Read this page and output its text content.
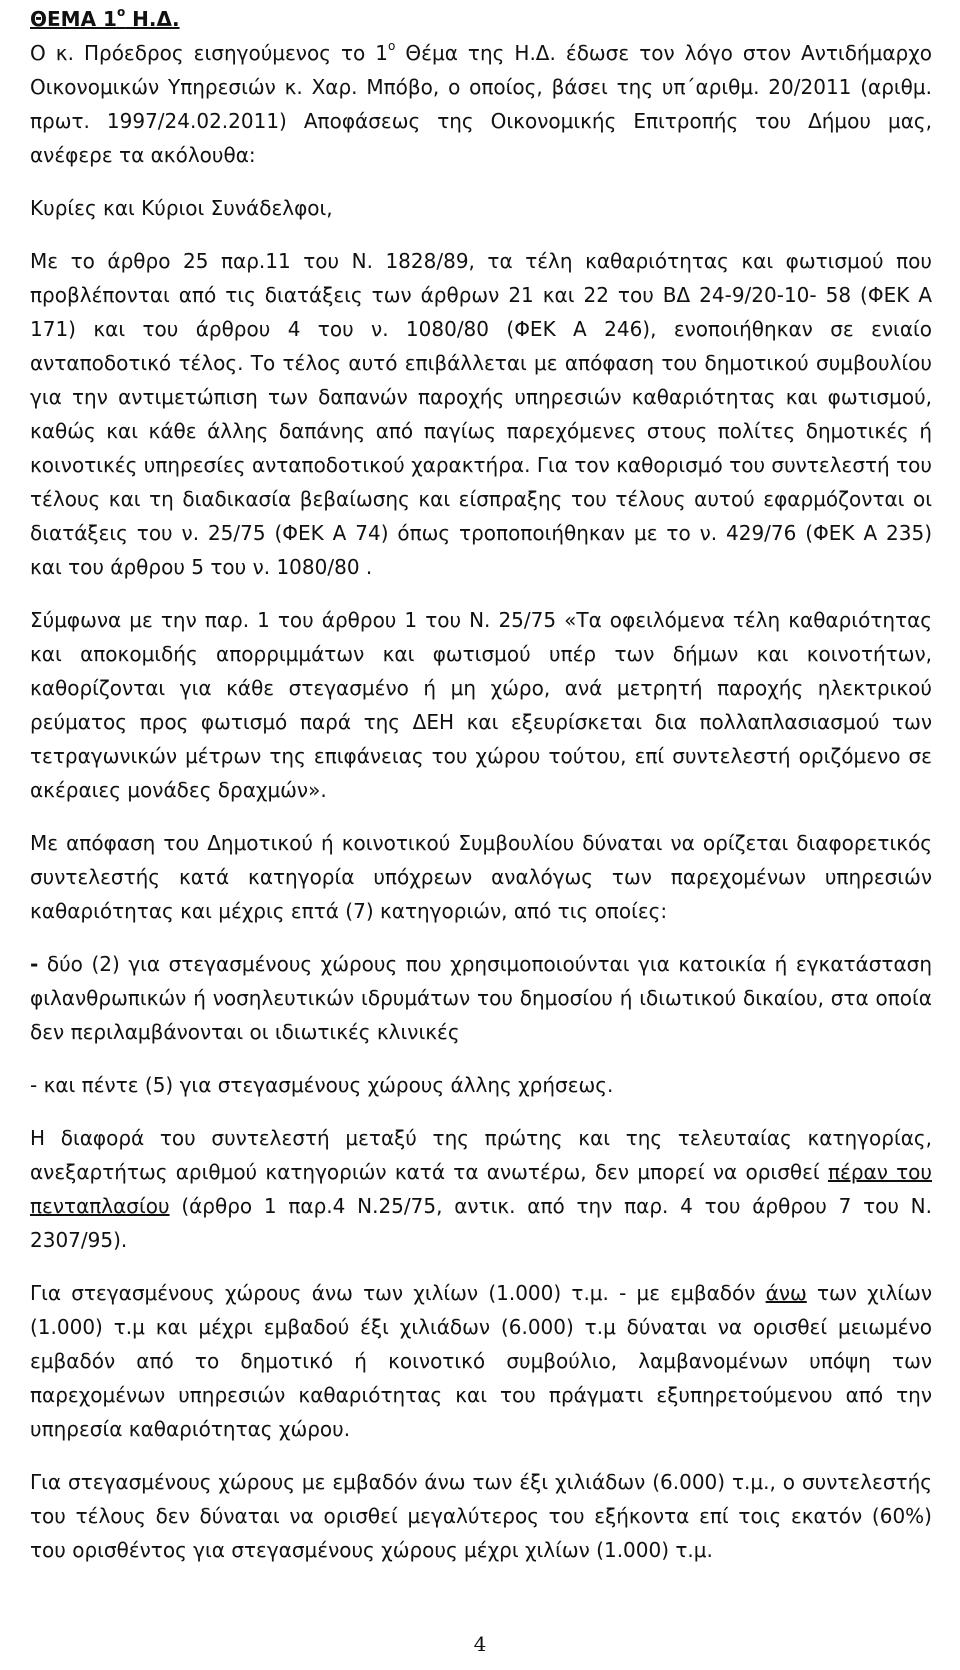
ΘΕΜΑ $1^o$ Η.Δ.

Ο κ. Πρόεδρος εισηγούμενος το $1^o$ Θέμα της Η.Δ. έδωσε τον λόγο στον Αντιδήμαρχο Οικονομικών Υπηρεσιών κ. Χαρ. Μπόβο, ο οποίος, βάσει της υπ΄αριθμ. 20/2011 (αριθμ. πρωτ. 1997/24.02.2011) Αποφάσεως της Οικονομικής Επιτροπής του Δήμου μας, ανέφερε τα ακόλουθα:

Κυρίες και Κύριοι Συνάδελφοι,

Με το άρθρο 25 παρ.11 του Ν. 1828/89, τα τέλη καθαριότητας και φωτισμού που προβλέπονται από τις διατάξεις των άρθρων 21 και 22 του ΒΔ 24-9/20-10- 58 (ΦΕΚ Α 171) και του άρθρου 4 του ν. 1080/80 (ΦΕΚ Α 246), ενοποιήθηκαν σε ενιαίο ανταποδοτικό τέλος. Το τέλος αυτό επιβάλλεται με απόφαση του δημοτικού συμβουλίου για την αντιμετώπιση των δαπανών παροχής υπηρεσιών καθαριότητας και φωτισμού, καθώς και κάθε άλλης δαπάνης από παγίως παρεχόμενες στους πολίτες δημοτικές ή κοινοτικές υπηρεσίες ανταποδοτικού χαρακτήρα. Για τον καθορισμό του συντελεστή του τέλους και τη διαδικασία βεβαίωσης και είσπραξης του τέλους αυτού εφαρμόζονται οι διατάξεις του ν. 25/75 (ΦΕΚ Α 74) όπως τροποποιήθηκαν με το ν. 429/76 (ΦΕΚ Α 235) και του άρθρου 5 του ν. 1080/80 .

Σύμφωνα με την παρ. 1 του άρθρου 1 του Ν. 25/75 «Τα οφειλόμενα τέλη καθαριότητας και αποκομιδής απορριμμάτων και φωτισμού υπέρ των δήμων και κοινοτήτων, καθορίζονται για κάθε στεγασμένο ή μη χώρο, ανά μετρητή παροχής ηλεκτρικού ρεύματος προς φωτισμό παρά της ΔΕΗ και εξευρίσκεται δια πολλαπλασιασμού των τετραγωνικών μέτρων της επιφάνειας του χώρου τούτου, επί συντελεστή οριζόμενο σε ακέραιες μονάδες δραχμών».

Με απόφαση του Δημοτικού ή κοινοτικού Συμβουλίου δύναται να ορίζεται διαφορετικός συντελεστής κατά κατηγορία υπόχρεων αναλόγως των παρεχομένων υπηρεσιών καθαριότητας και μέχρις επτά (7) κατηγοριών, από τις οποίες:

- δύο (2) για στεγασμένους χώρους που χρησιμοποιούνται για κατοικία ή εγκατάσταση φιλανθρωπικών ή νοσηλευτικών ιδρυμάτων του δημοσίου ή ιδιωτικού δικαίου, στα οποία δεν περιλαμβάνονται οι ιδιωτικές κλινικές

- και πέντε (5) για στεγασμένους χώρους άλλης χρήσεως.

Η διαφορά του συντελεστή μεταξύ της πρώτης και της τελευταίας κατηγορίας, ανεξαρτήτως αριθμού κατηγοριών κατά τα ανωτέρω, δεν μπορεί να ορισθεί πέραν του πενταπλασίου (άρθρο 1 παρ.4 Ν.25/75, αντικ. από την παρ. 4 του άρθρου 7 του Ν. 2307/95).

Για στεγασμένους χώρους άνω των χιλίων (1.000) τ.μ. - με εμβαδόν άνω των χιλίων (1.000) τ.μ και μέχρι εμβαδού έξι χιλιάδων (6.000) τ.μ δύναται να ορισθεί μειωμένο εμβαδόν από το δημοτικό ή κοινοτικό συμβούλιο, λαμβανομένων υπόψη των παρεχομένων υπηρεσιών καθαριότητας και του πράγματι εξυπηρετούμενου από την υπηρεσία καθαριότητας χώρου.

Για στεγασμένους χώρους με εμβαδόν άνω των έξι χιλιάδων (6.000) τ.μ., ο συντελεστής του τέλους δεν δύναται να ορισθεί μεγαλύτερος του εξήκοντα επί τοις εκατόν (60%) του ορισθέντος για στεγασμένους χώρους μέχρι χιλίων (1.000) τ.μ.

4
